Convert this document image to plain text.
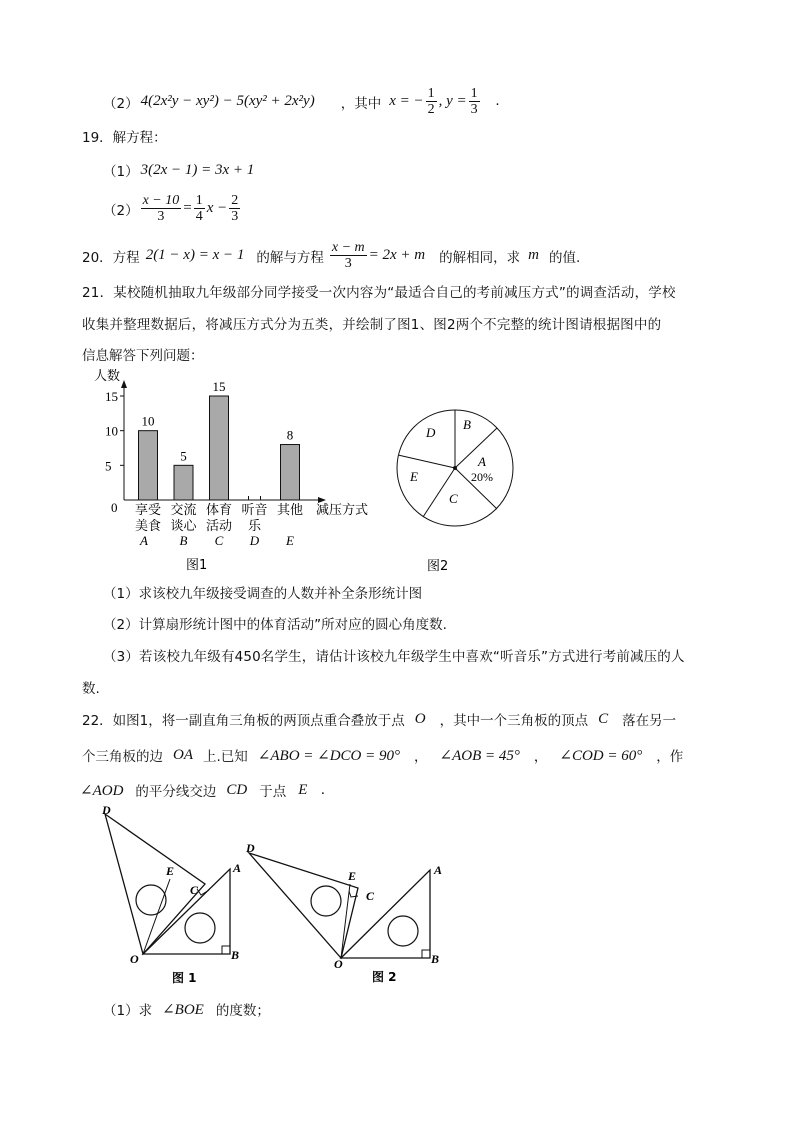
（2） 4(2x²y − xy²) − 5(xy² + 2x²y) ，其中 x = − $\frac{1}{2}$ , $y = \frac{1}{3}$ .
19．解方程：
（1） 3(2x − 1) = 3x + 1
$(2) \frac{x - 10}{3} = \frac{1}{4}$ $x - \frac{2}{3}$
20．方程 2(1 − x) = x − 1 的解与方程 $\frac{x - m}{3} = 2x + m$ 的解相同，求 m 的值.
21．某校随机抽取九年级部分同学接受一次内容为“最适合自己的考前减压方式”的调查活动，学校
收集并整理数据后，将减压方式分为五类，并绘制了图1、图2两个不完整的统计图请根据图中的
信息解答下列问题：
人数
减压方式
0
5
10
15
10
5
15
8
享受
美食
A
交流
谈心
B
体育
活动
C
听音
乐
D
其他
E
图1
B
D
A
20%
E
C
图2
（1）求该校九年级接受调查的人数并补全条形统计图
（2）计算扇形统计图中的体育活动”所对应的圆心角度数.
（3）若该校九年级有450名学生，请估计该校九年级学生中喜欢“听音乐”方式进行考前减压的人
数.
22．如图1，将一副直角三角板的两顶点重合叠放于点 O ，其中一个三角板的顶点 C 落在另一
个三角板的边 OA 上.已知 ∠ABO = ∠DCO = 90° ， ∠AOB = 45° ， ∠COD = 60° ，作
∠AOD 的平分线交边 CD 于点 E .
D
E
C
A
O	B
图 1
D
E
C
A
O	B
图 2
（1）求 ∠BOE 的度数；
